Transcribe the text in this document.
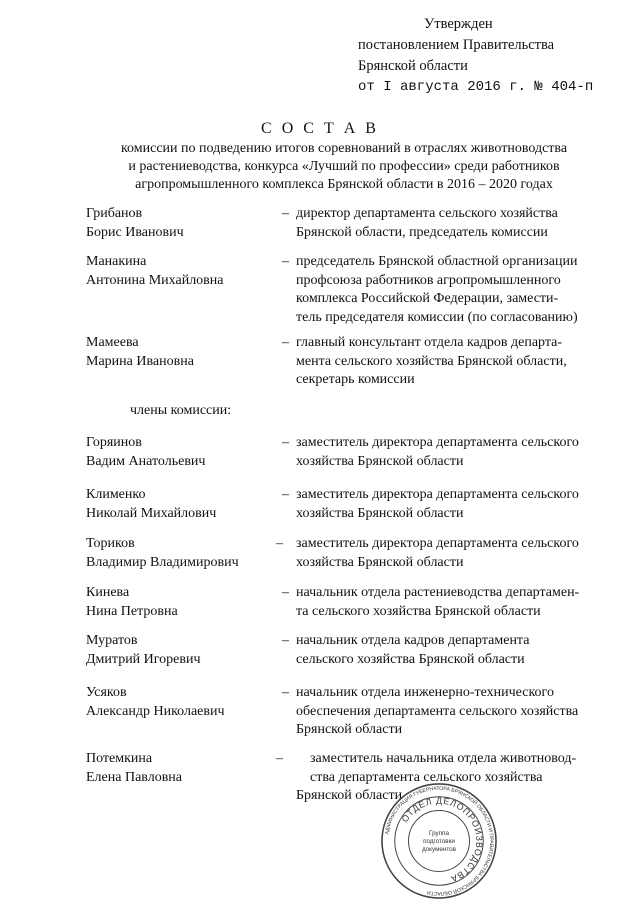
Утвержден
постановлением Правительства
Брянской области
от I августа 2016 г. № 404-п
С О С Т А В
комиссии по подведению итогов соревнований в отраслях животноводства
и растениеводства, конкурса «Лучший по профессии» среди работников
агропромышленного комплекса Брянской области в 2016 – 2020 годах
Грибанов
Борис Иванович
– директор департамента сельского хозяйства
Брянской области, председатель комиссии
Манакина
Антонина Михайловна
– председатель Брянской областной организации
профсоюза работников агропромышленного
комплекса Российской Федерации, замести-
тель председателя комиссии (по согласованию)
Мамеева
Марина Ивановна
– главный консультант отдела кадров департа-
мента сельского хозяйства Брянской области,
секретарь комиссии
члены комиссии:
Горяинов
Вадим Анатольевич
– заместитель директора департамента сельского
хозяйства Брянской области
Клименко
Николай Михайлович
– заместитель директора департамента сельского
хозяйства Брянской области
Ториков
Владимир Владимирович
– заместитель директора департамента сельского
хозяйства Брянской области
Кинева
Нина Петровна
– начальник отдела растениеводства департамен-
та сельского хозяйства Брянской области
Муратов
Дмитрий Игоревич
– начальник отдела кадров департамента
сельского хозяйства Брянской области
Усяков
Александр Николаевич
– начальник отдела инженерно-технического
обеспечения департамента сельского хозяйства
Брянской области
Потемкина
Елена Павловна
– заместитель начальника отдела животновод-
ства департамента сельского хозяйства
Брянской области
АДМИНИСТРАЦИЯ ГУБЕРНАТОРА БРЯНСКОЙ ОБЛАСТИ И ПРАВИТЕЛЬСТВА БРЯНСКОЙ ОБЛАСТИ
ОТДЕЛ ДЕЛОПРОИЗВОДСТВА
Группа
подготовки
документов
